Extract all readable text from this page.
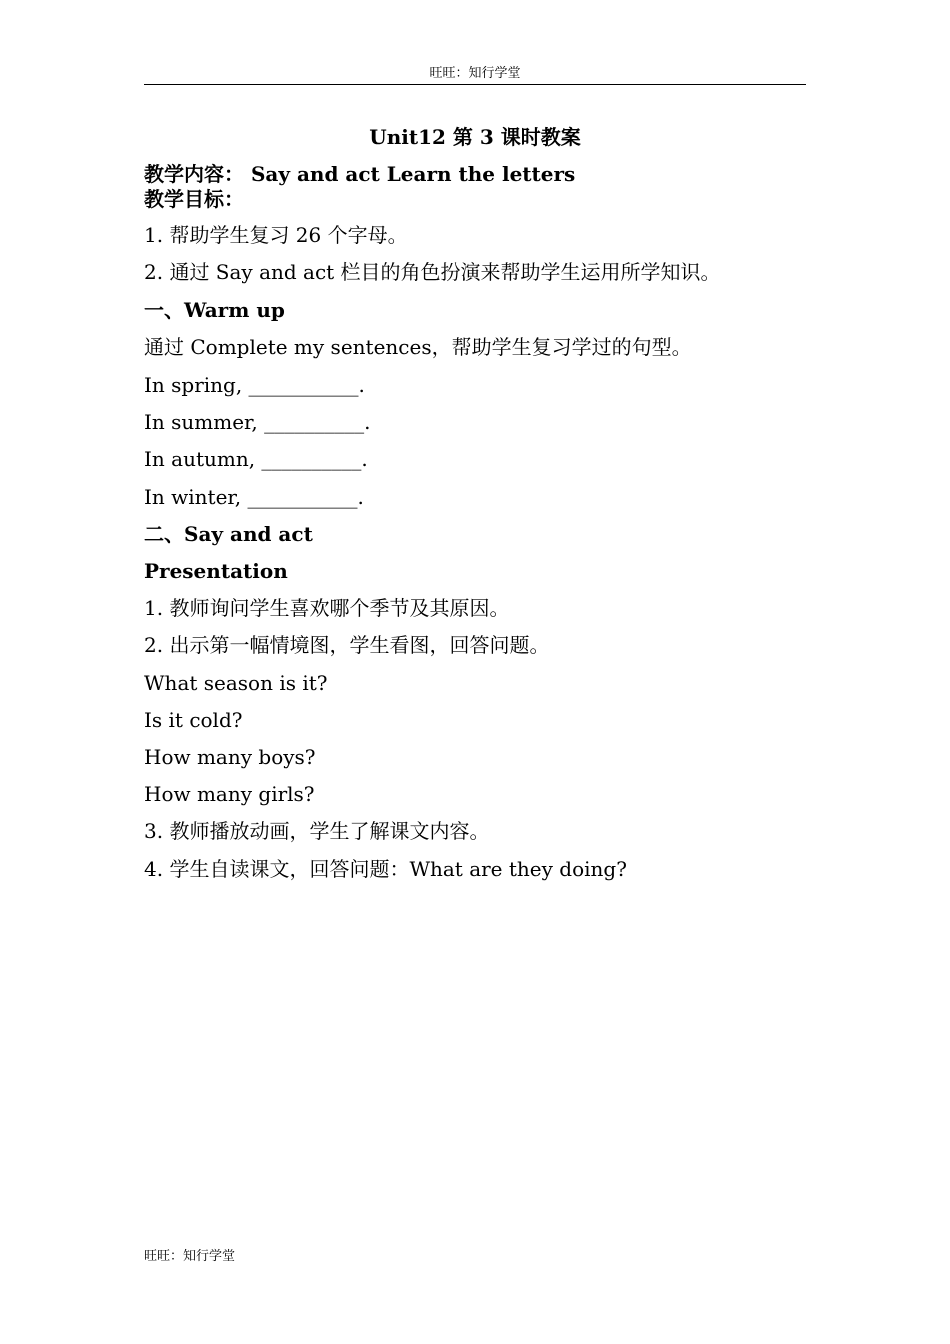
旺旺：知行学堂
Unit12 第 3 课时教案
教学内容： Say and act Learn the letters
教学目标：
1. 帮助学生复习 26 个字母。
2. 通过 Say and act 栏目的角色扮演来帮助学生运用所学知识。
一、Warm up
通过 Complete my sentences，帮助学生复习学过的句型。
In spring, ___________.
In summer, __________.
In autumn, __________.
In winter, ___________.
二、Say and act
Presentation
1. 教师询问学生喜欢哪个季节及其原因。
2. 出示第一幅情境图，学生看图，回答问题。
What season is it?
Is it cold?
How many boys?
How many girls?
3. 教师播放动画，学生了解课文内容。
4. 学生自读课文，回答问题：What are they doing?
旺旺：知行学堂
